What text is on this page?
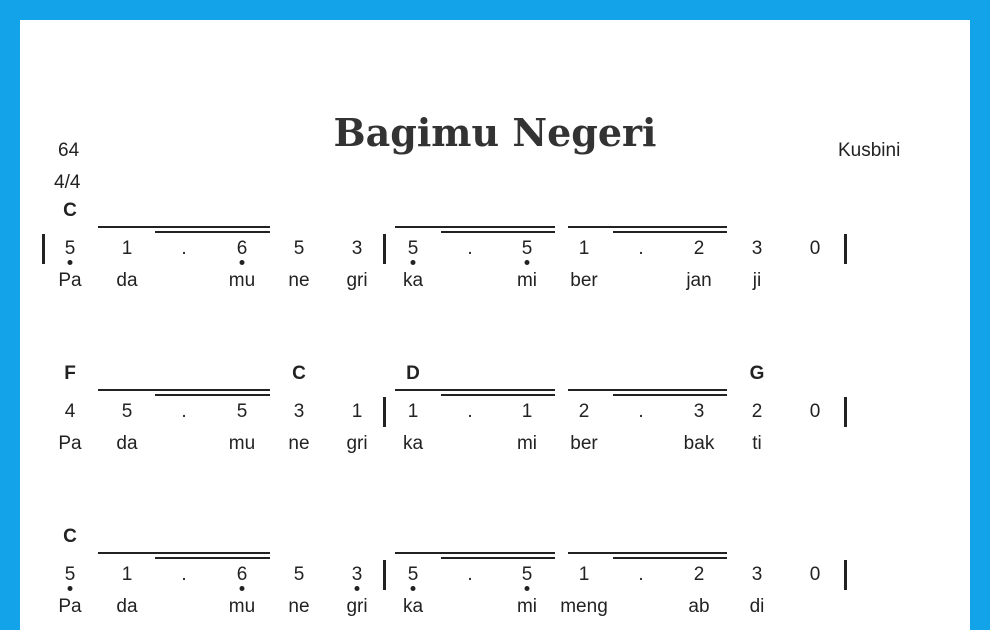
Bagimu Negeri
64
4/4
Kusbini
C
5 1	.	6 5 3 5	.	5 1	.	2 3 0
Pa da	mu ne gri ka	mi ber	jan ji
F	C	D	G
4 5	.	5 3 1 1	.	1 2	.	3 2 0
Pa da	mu ne gri ka	mi ber	bak ti
C
5 1	.	6 5 3 5	.	5 1	.	2 3 0
Pa da	mu ne gri ka	mi meng	ab di
